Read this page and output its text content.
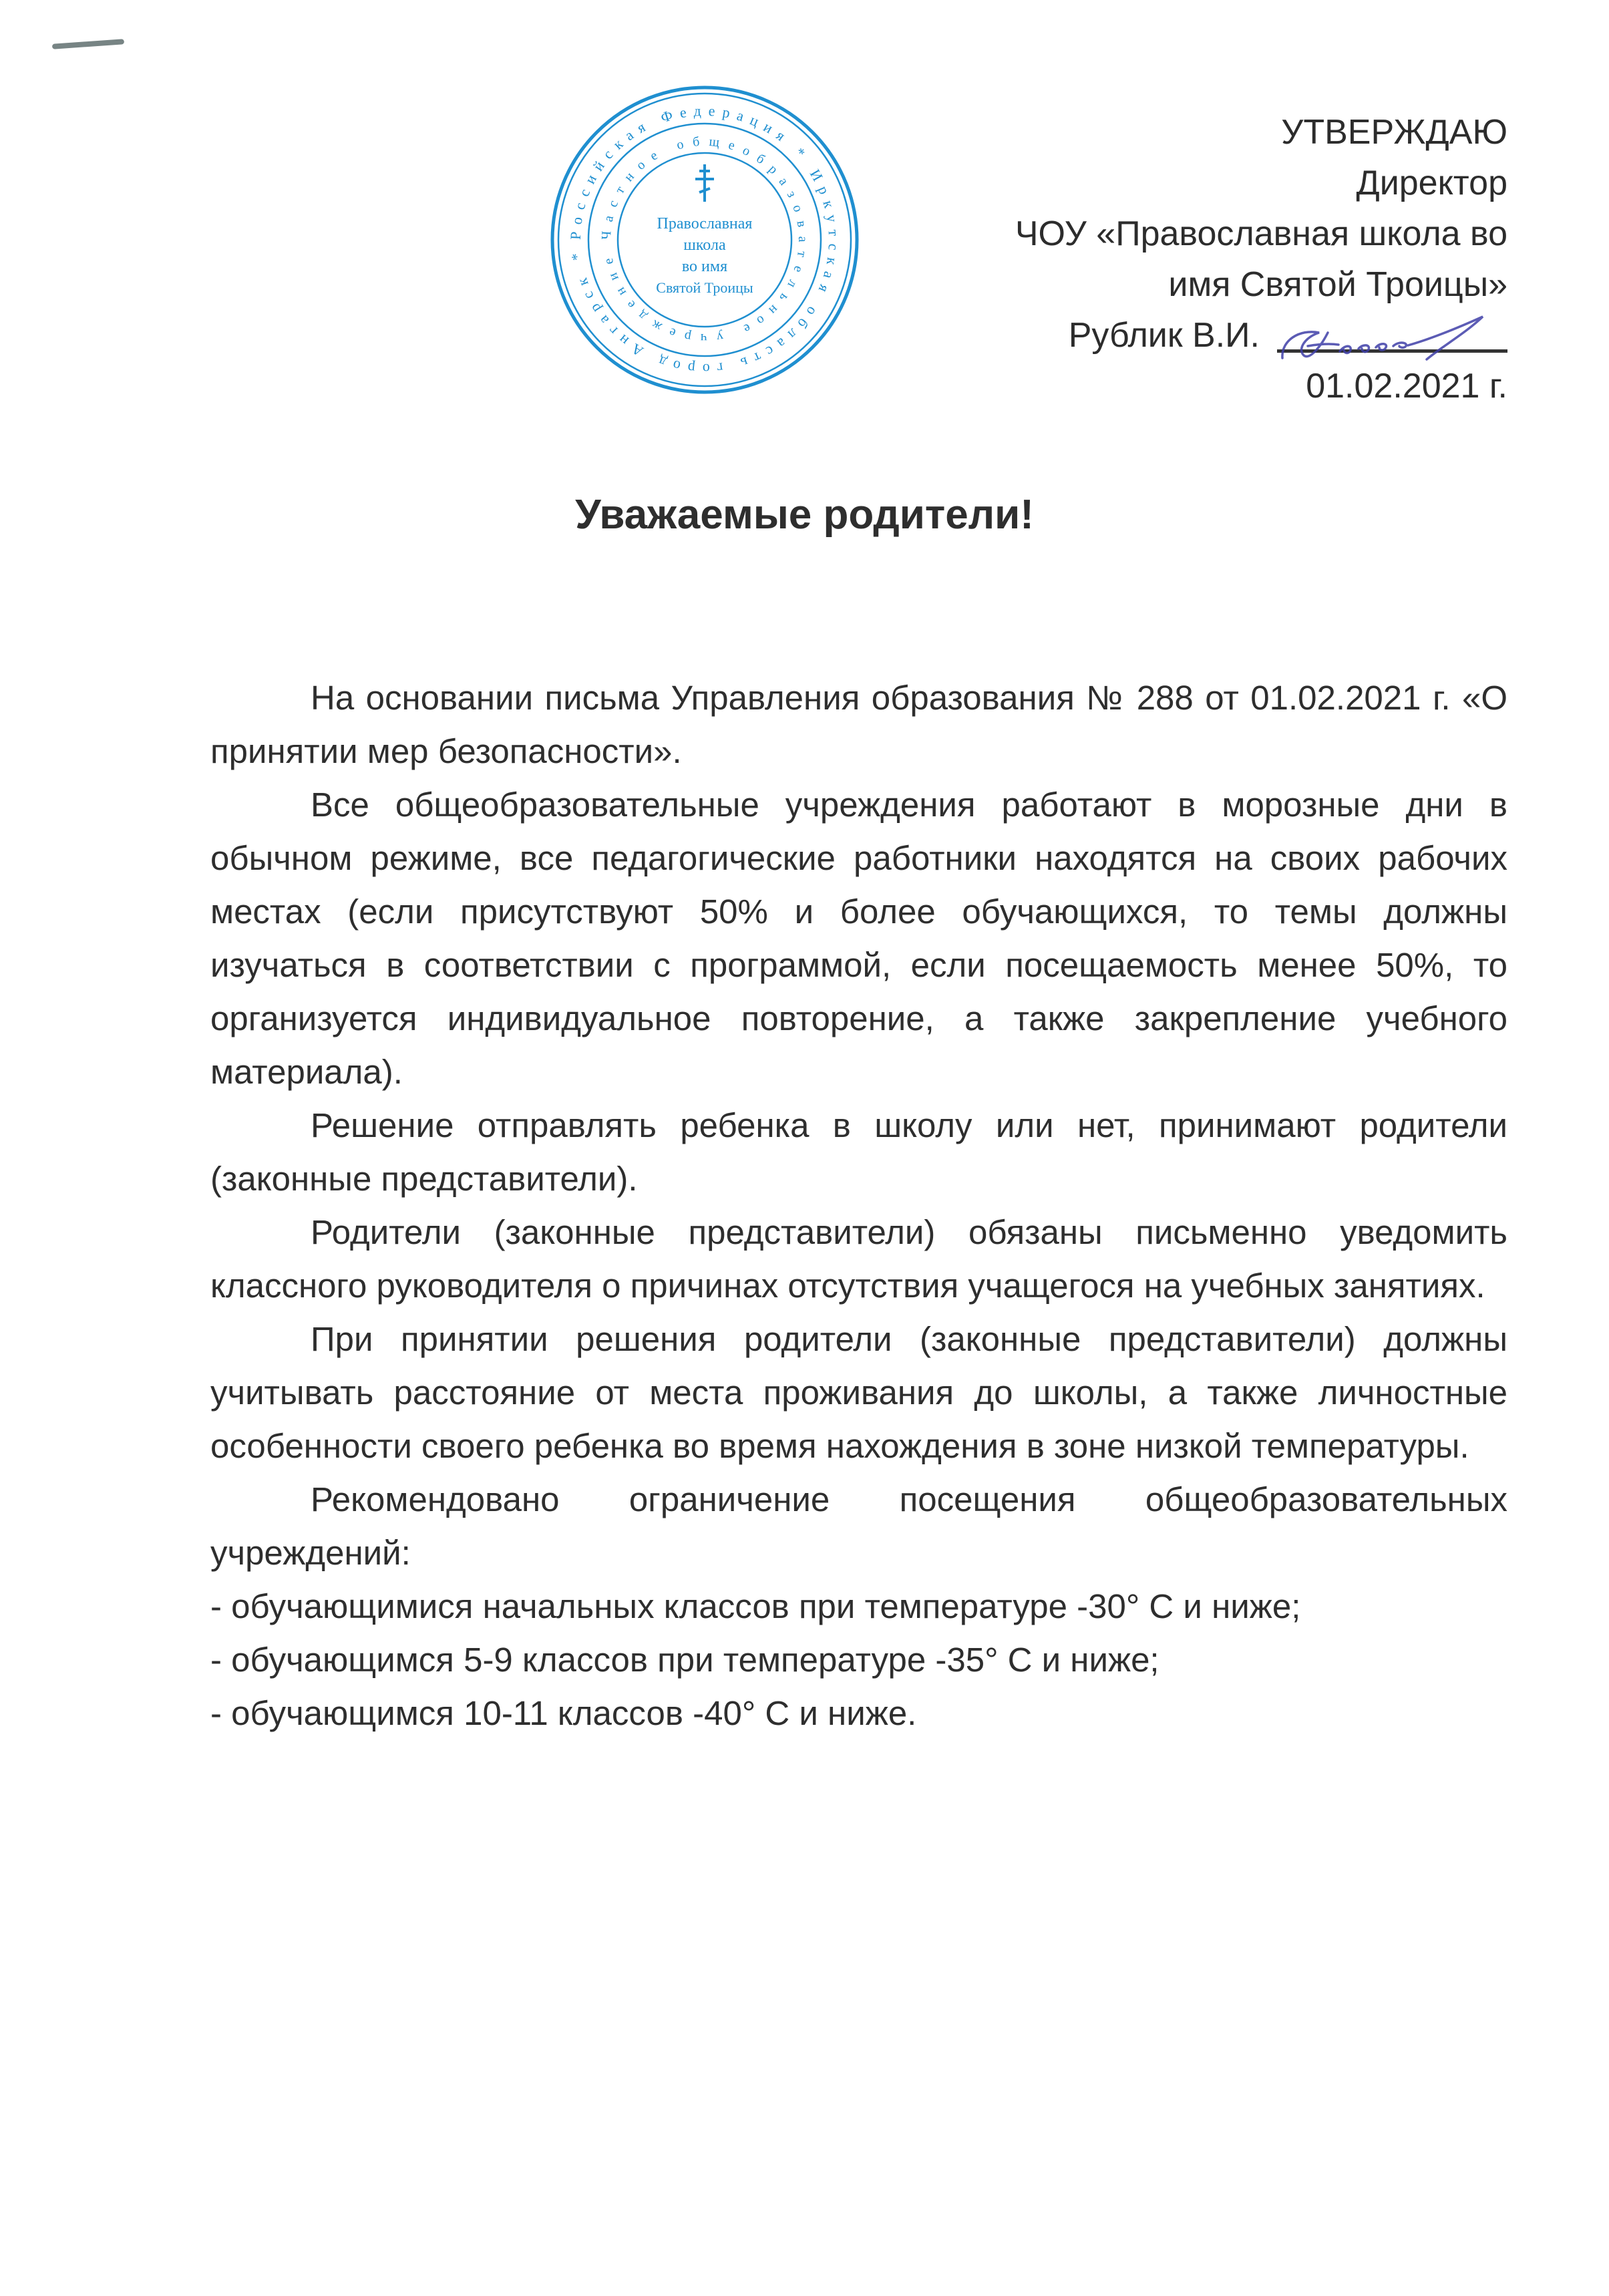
Российская Федерация * Иркутская область город Ангарск *
Частное общеобразовательное учреждение
Православная
школа
во имя
Святой Троицы
УТВЕРЖДАЮ
Директор
ЧОУ «Православная школа во
имя Святой Троицы»
Рублик В.И.
01.02.2021 г.
Уважаемые родители!

На основании письма Управления образования № 288 от 01.02.2021 г. «О принятии мер безопасности».

Все общеобразовательные учреждения работают в морозные дни в обычном режиме, все педагогические работники находятся на своих рабочих местах (если присутствуют 50% и более обучающихся, то темы должны изучаться в соответствии с программой, если посещаемость менее 50%, то организуется индивидуальное повторение, а также закрепление учебного материала).

Решение отправлять ребенка в школу или нет, принимают родители (законные представители).

Родители (законные представители) обязаны письменно уведомить классного руководителя о причинах отсутствия учащегося на учебных занятиях.

При принятии решения родители (законные представители) должны учитывать расстояние от места проживания до школы, а также личностные особенности своего ребенка во время нахождения в зоне низкой температуры.

Рекомендовано ограничение посещения общеобразовательных учреждений:

- обучающимися начальных классов при температуре -30° С и ниже;

- обучающимся 5-9 классов при температуре -35° С и ниже;

- обучающимся 10-11 классов -40° С и ниже.
